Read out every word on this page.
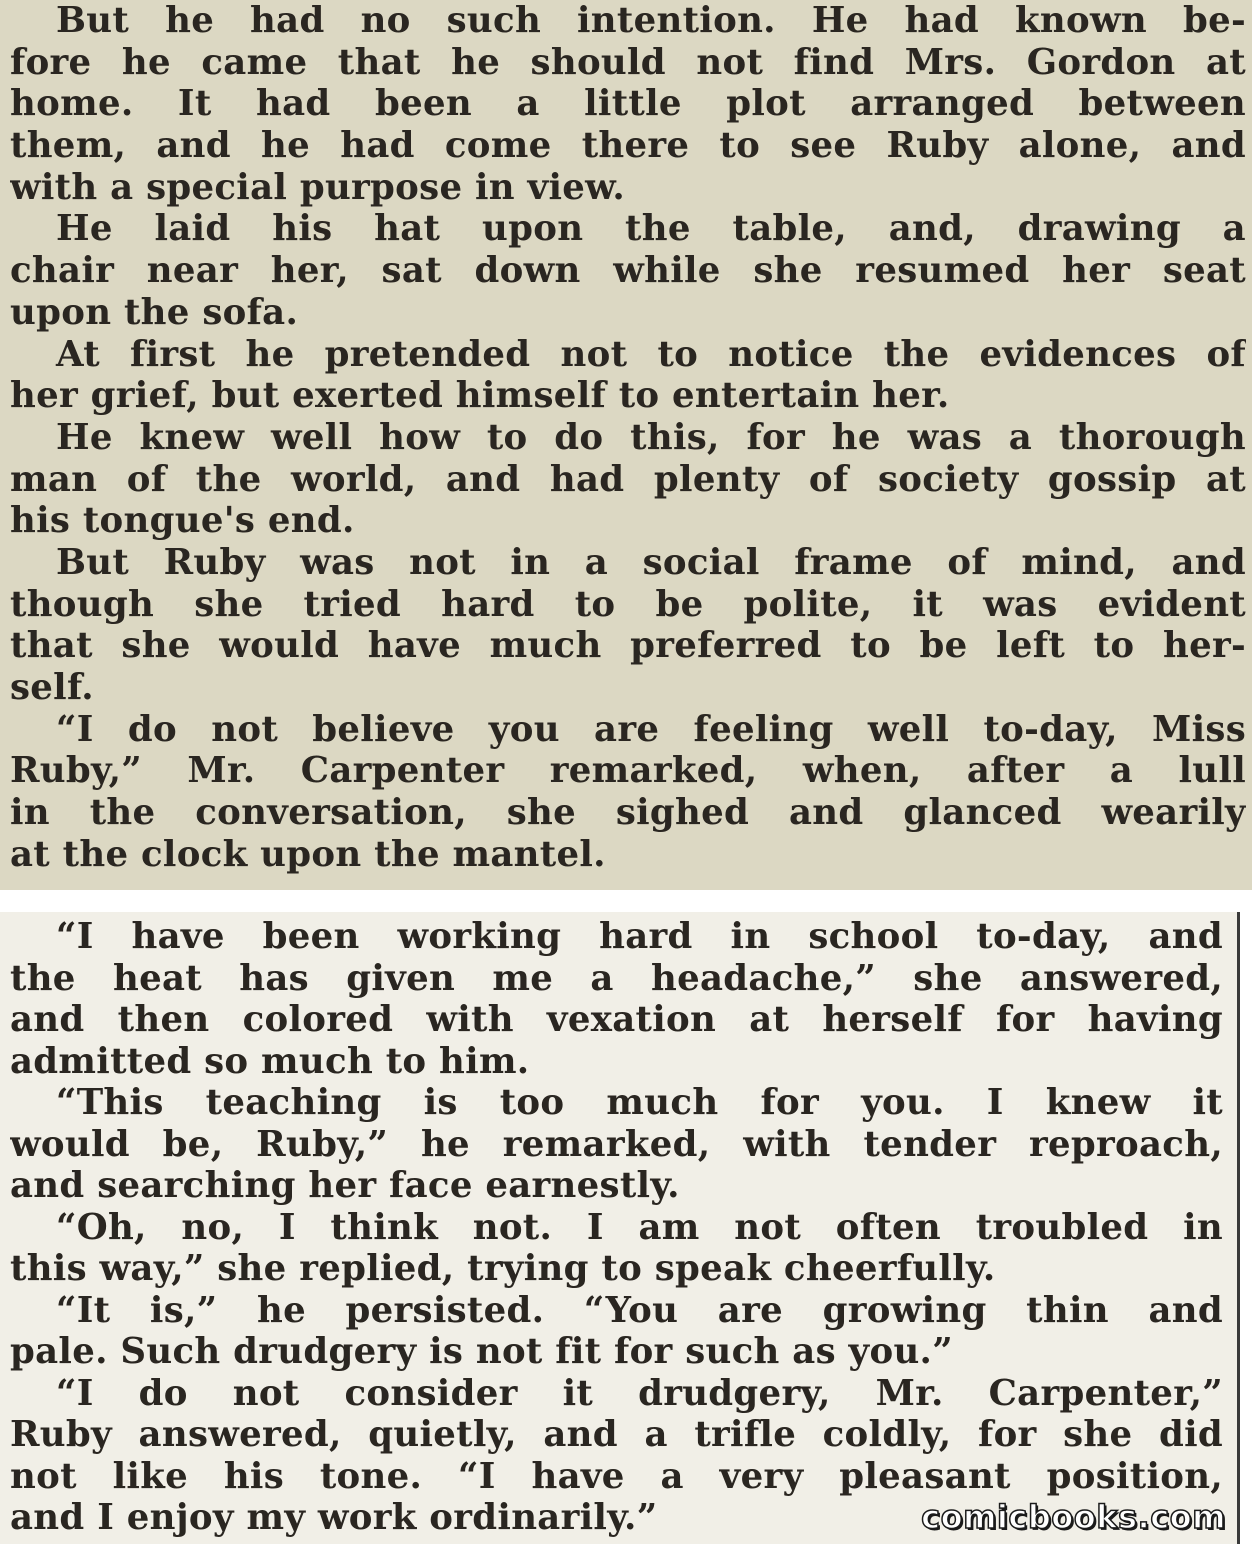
But he had no such intention. He had known be-
fore he came that he should not find Mrs. Gordon at
home. It had been a little plot arranged between
them, and he had come there to see Ruby alone, and
with a special purpose in view.
He laid his hat upon the table, and, drawing a
chair near her, sat down while she resumed her seat
upon the sofa.
At first he pretended not to notice the evidences of
her grief, but exerted himself to entertain her.
He knew well how to do this, for he was a thorough
man of the world, and had plenty of society gossip at
his tongue's end.
But Ruby was not in a social frame of mind, and
though she tried hard to be polite, it was evident
that she would have much preferred to be left to her-
self.
“I do not believe you are feeling well to-day, Miss
Ruby,” Mr. Carpenter remarked, when, after a lull
in the conversation, she sighed and glanced wearily
at the clock upon the mantel.
“I have been working hard in school to-day, and
the heat has given me a headache,” she answered,
and then colored with vexation at herself for having
admitted so much to him.
“This teaching is too much for you. I knew it
would be, Ruby,” he remarked, with tender reproach,
and searching her face earnestly.
“Oh, no, I think not. I am not often troubled in
this way,” she replied, trying to speak cheerfully.
“It is,” he persisted. “You are growing thin and
pale. Such drudgery is not fit for such as you.”
“I do not consider it drudgery, Mr. Carpenter,”
Ruby answered, quietly, and a trifle coldly, for she did
not like his tone. “I have a very pleasant position,
and I enjoy my work ordinarily.”	comicbooks.com
